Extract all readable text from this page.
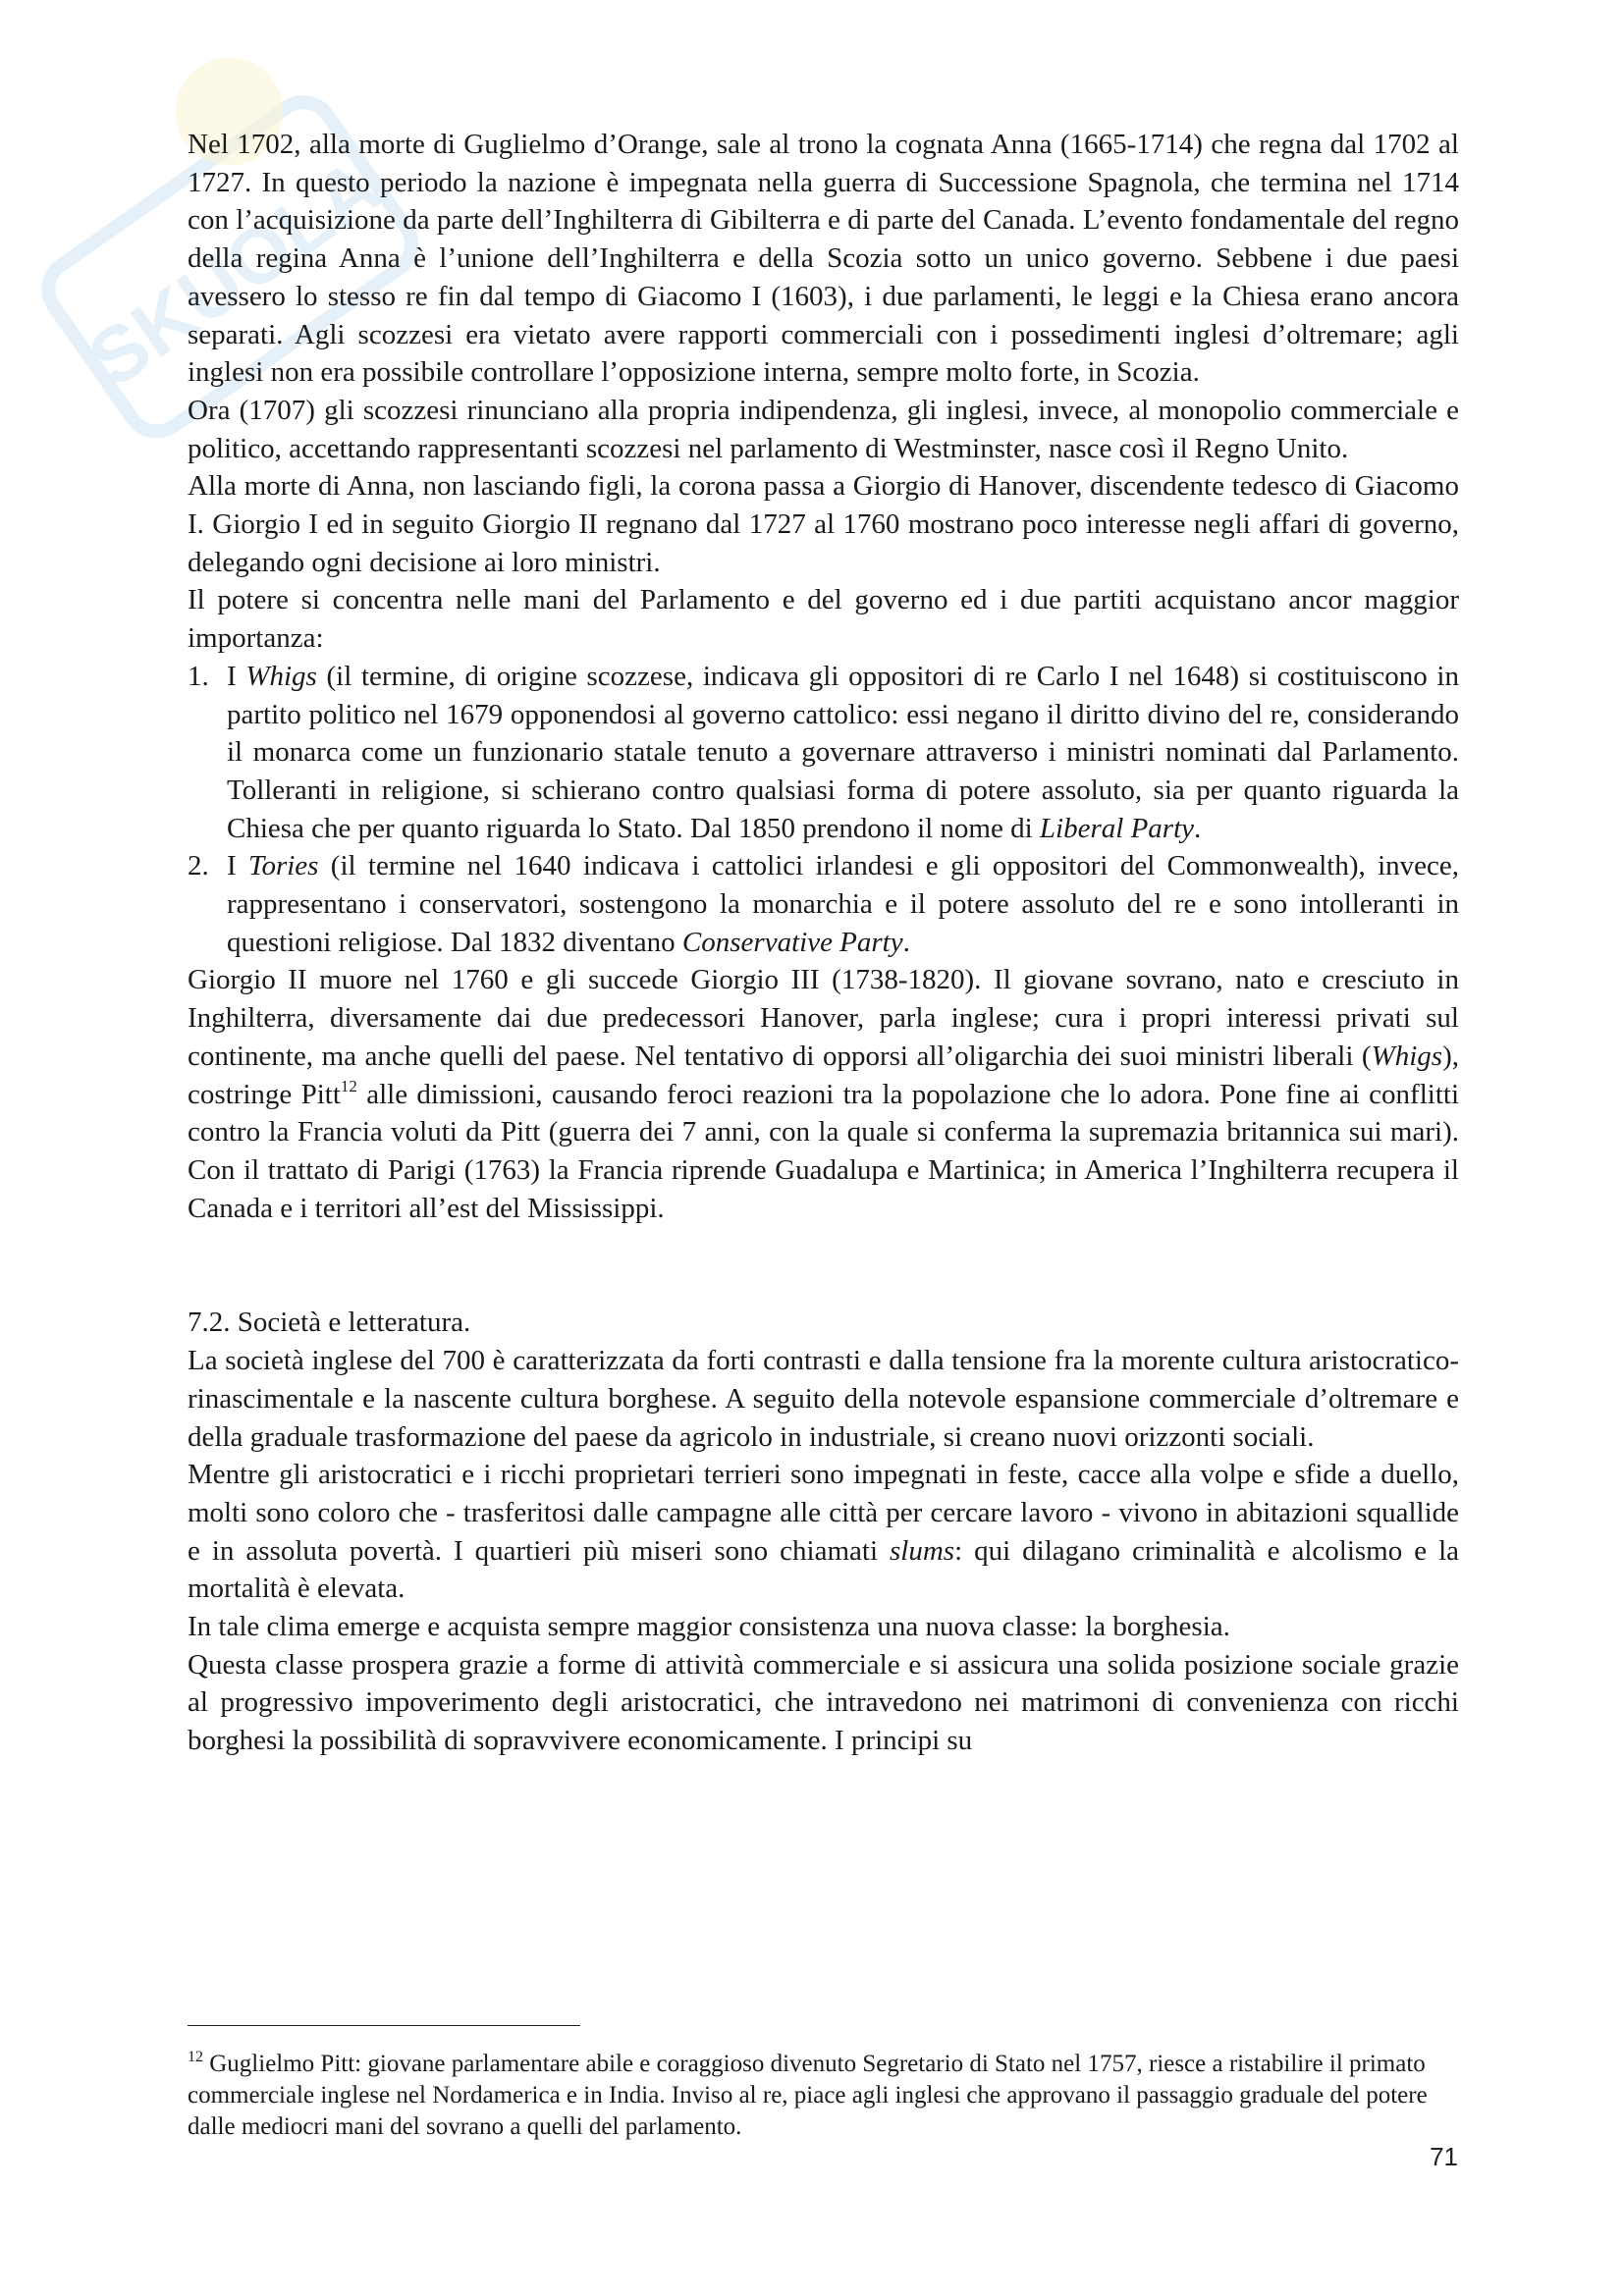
SKUOLA

Nel 1702, alla morte di Guglielmo d’Orange, sale al trono la cognata Anna (1665-1714) che regna dal 1702 al 1727. In questo periodo la nazione è impegnata nella guerra di Successione Spagnola, che termina nel 1714 con l’acquisizione da parte dell’Inghilterra di Gibilterra e di parte del Canada. L’evento fondamentale del regno della regina Anna è l’unione dell’Inghilterra e della Scozia sotto un unico governo. Sebbene i due paesi avessero lo stesso re fin dal tempo di Giacomo I (1603), i due parlamenti, le leggi e la Chiesa erano ancora separati. Agli scozzesi era vietato avere rapporti commerciali con i possedimenti inglesi d’oltremare; agli inglesi non era possibile controllare l’opposizione interna, sempre molto forte, in Scozia.

Ora (1707) gli scozzesi rinunciano alla propria indipendenza, gli inglesi, invece, al monopolio commerciale e politico, accettando rappresentanti scozzesi nel parlamento di Westminster, nasce così il Regno Unito.

Alla morte di Anna, non lasciando figli, la corona passa a Giorgio di Hanover, discendente tedesco di Giacomo I. Giorgio I ed in seguito Giorgio II regnano dal 1727 al 1760 mostrano poco interesse negli affari di governo, delegando ogni decisione ai loro ministri.

Il potere si concentra nelle mani del Parlamento e del governo ed i due partiti acquistano ancor maggior importanza:

1. I Whigs (il termine, di origine scozzese, indicava gli oppositori di re Carlo I nel 1648) si costituiscono in partito politico nel 1679 opponendosi al governo cattolico: essi negano il diritto divino del re, considerando il monarca come un funzionario statale tenuto a governare attraverso i ministri nominati dal Parlamento. Tolleranti in religione, si schierano contro qualsiasi forma di potere assoluto, sia per quanto riguarda la Chiesa che per quanto riguarda lo Stato. Dal 1850 prendono il nome di Liberal Party.
2. I Tories (il termine nel 1640 indicava i cattolici irlandesi e gli oppositori del Commonwealth), invece, rappresentano i conservatori, sostengono la monarchia e il potere assoluto del re e sono intolleranti in questioni religiose. Dal 1832 diventano Conservative Party.

Giorgio II muore nel 1760 e gli succede Giorgio III (1738-1820). Il giovane sovrano, nato e cresciuto in Inghilterra, diversamente dai due predecessori Hanover, parla inglese; cura i propri interessi privati sul continente, ma anche quelli del paese. Nel tentativo di opporsi all’oligarchia dei suoi ministri liberali (Whigs), costringe Pitt$^{12}$ alle dimissioni, causando feroci reazioni tra la popolazione che lo adora. Pone fine ai conflitti contro la Francia voluti da Pitt (guerra dei 7 anni, con la quale si conferma la supremazia britannica sui mari). Con il trattato di Parigi (1763) la Francia riprende Guadalupa e Martinica; in America l’Inghilterra recupera il Canada e i territori all’est del Mississippi.

7.2. Società e letteratura.

La società inglese del 700 è caratterizzata da forti contrasti e dalla tensione fra la morente cultura aristocratico-rinascimentale e la nascente cultura borghese. A seguito della notevole espansione commerciale d’oltremare e della graduale trasformazione del paese da agricolo in industriale, si creano nuovi orizzonti sociali.

Mentre gli aristocratici e i ricchi proprietari terrieri sono impegnati in feste, cacce alla volpe e sfide a duello, molti sono coloro che - trasferitosi dalle campagne alle città per cercare lavoro - vivono in abitazioni squallide e in assoluta povertà. I quartieri più miseri sono chiamati slums: qui dilagano criminalità e alcolismo e la mortalità è elevata.

In tale clima emerge e acquista sempre maggior consistenza una nuova classe: la borghesia.

Questa classe prospera grazie a forme di attività commerciale e si assicura una solida posizione sociale grazie al progressivo impoverimento degli aristocratici, che intravedono nei matrimoni di convenienza con ricchi borghesi la possibilità di sopravvivere economicamente. I principi su

$^{12}$ Guglielmo Pitt: giovane parlamentare abile e coraggioso divenuto Segretario di Stato nel 1757, riesce a ristabilire il primato commerciale inglese nel Nordamerica e in India. Inviso al re, piace agli inglesi che approvano il passaggio graduale del potere dalle mediocri mani del sovrano a quelli del parlamento.

71
